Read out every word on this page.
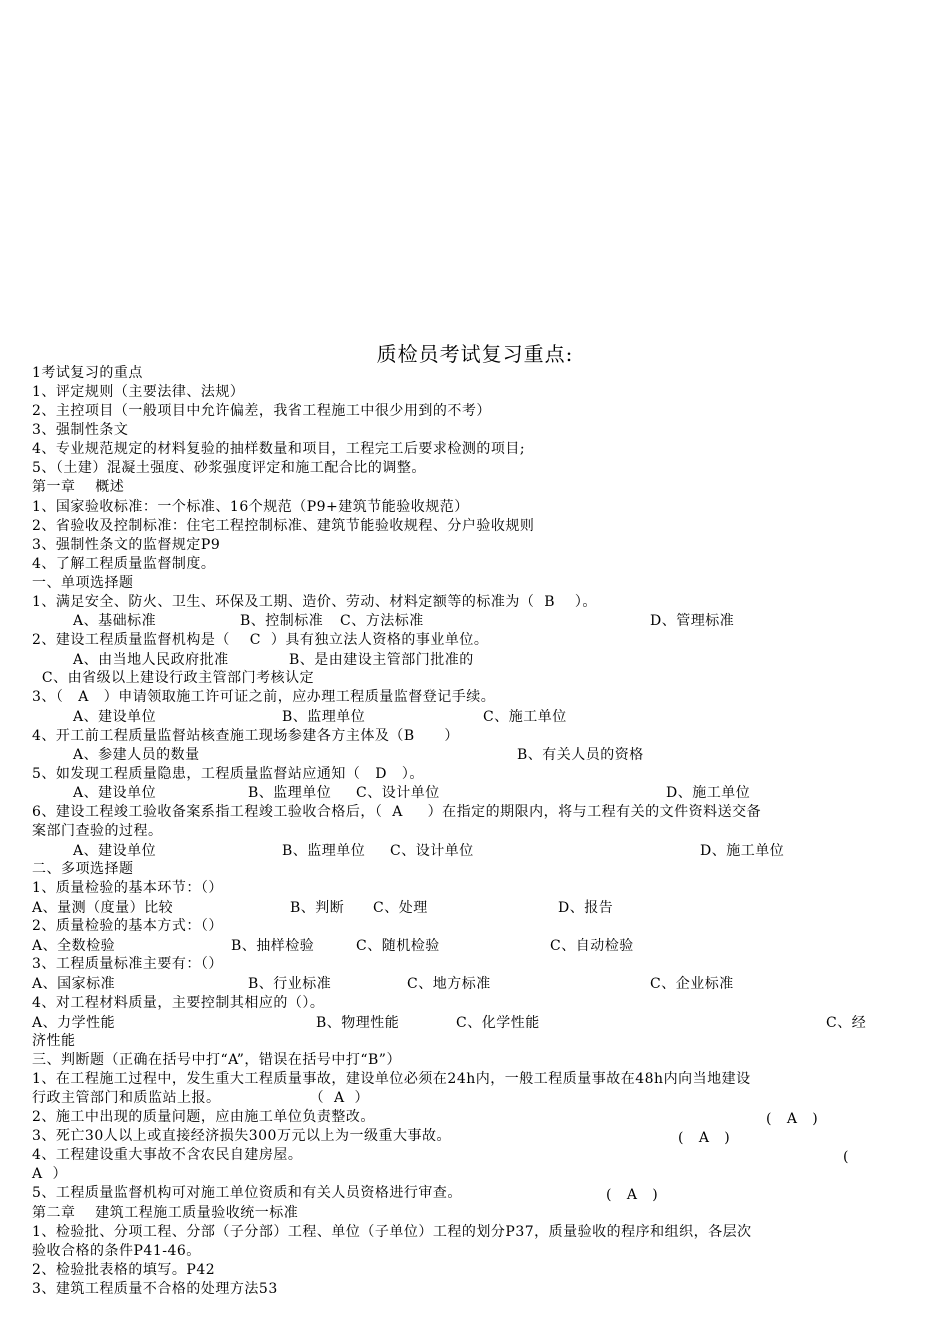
质检员考试复习重点:
1考试复习的重点
1、评定规则（主要法律、法规）
2、主控项目（一般项目中允许偏差，我省工程施工中很少用到的不考）
3、强制性条文
4、专业规范规定的材料复验的抽样数量和项目，工程完工后要求检测的项目;
5、（土建）混凝土强度、砂浆强度评定和施工配合比的调整。
第一章    概述
1、国家验收标准：一个标准、16个规范（P9+建筑节能验收规范）
2、省验收及控制标准：住宅工程控制标准、建筑节能验收规程、分户验收规则
3、强制性条文的监督规定P9
4、了解工程质量监督制度。
一、单项选择题
1、满足安全、防火、卫生、环保及工期、造价、劳动、材料定额等的标准为（  B    ）。
2、建设工程质量监督机构是（    C  ）具有独立法人资格的事业单位。
C、由省级以上建设行政主管部门考核认定
3、（   A   ）申请领取施工许可证之前，应办理工程质量监督登记手续。
4、开工前工程质量监督站核查施工现场参建各方主体及（B      ）
5、如发现工程质量隐患，工程质量监督站应通知（   D   ）。
6、建设工程竣工验收备案系指工程竣工验收合格后，（  A     ）在指定的期限内，将与工程有关的文件资料送交备
案部门查验的过程。
二、多项选择题
1、质量检验的基本环节：（）
2、质量检验的基本方式：（）
3、工程质量标准主要有：（）
4、对工程材料质量，主要控制其相应的（）。
济性能
三、判断题（正确在括号中打“A”，错误在括号中打“B”）
1、在工程施工过程中，发生重大工程质量事故，建设单位必须在24h内，一般工程质量事故在48h内向当地建设
行政主管部门和质监站上报。                  （  A  ）
2、施工中出现的质量问题，应由施工单位负责整改。
3、死亡30人以上或直接经济损失300万元以上为一级重大事故。
4、工程建设重大事故不含农民自建房屋。
A  ）
5、工程质量监督机构可对施工单位资质和有关人员资格进行审查。
第二章    建筑工程施工质量验收统一标准
1、检验批、分项工程、分部（子分部）工程、单位（子单位）工程的划分P37，质量验收的程序和组织，各层次
验收合格的条件P41-46。
2、检验批表格的填写。P42
3、建筑工程质量不合格的处理方法53
A、基础标准	B、控制标准 C、方法标准	D、管理标准
A、由当地人民政府批准	B、是由建设主管部门批准的
A、建设单位	B、监理单位	C、施工单位
A、参建人员的数量	B、有关人员的资格
A、建设单位	B、监理单位 C、设计单位	D、施工单位
A、建设单位	B、监理单位 C、设计单位	D、施工单位
A、量测（度量）比较	B、判断 C、处理	D、报告
A、全数检验	B、抽样检验	C、随机检验	C、自动检验
A、国家标准	B、行业标准	C、地方标准	C、企业标准
A、力学性能	B、物理性能	C、化学性能	C、经
(   A   )
(   A   )
(
(   A   )
